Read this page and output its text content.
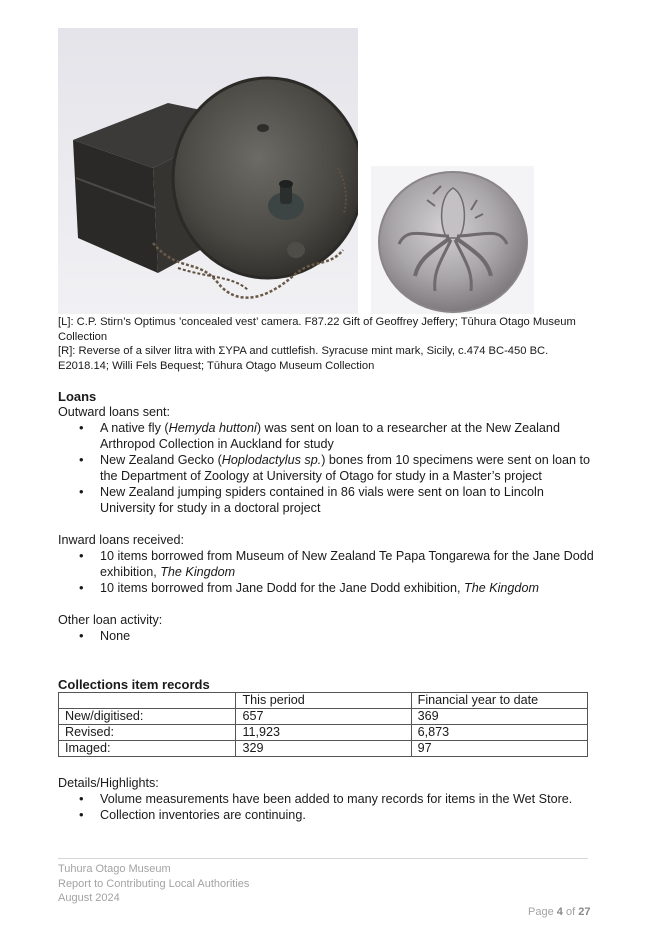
[L]: C.P. Stirn’s Optimus ’concealed vest’ camera. F87.22 Gift of Geoffrey Jeffery; Tūhura Otago Museum Collection

[R]: Reverse of a silver litra with ΣYPA and cuttlefish. Syracuse mint mark, Sicily, c.474 BC-450 BC. E2018.14; Willi Fels Bequest; Tūhura Otago Museum Collection

Loans

Outward loans sent:

• A native fly (Hemyda huttoni) was sent on loan to a researcher at the New Zealand Arthropod Collection in Auckland for study
• New Zealand Gecko (Hoplodactylus sp.) bones from 10 specimens were sent on loan to the Department of Zoology at University of Otago for study in a Master’s project
• New Zealand jumping spiders contained in 86 vials were sent on loan to Lincoln University for study in a doctoral project

Inward loans received:

• 10 items borrowed from Museum of New Zealand Te Papa Tongarewa for the Jane Dodd exhibition, The Kingdom
• 10 items borrowed from Jane Dodd for the Jane Dodd exhibition, The Kingdom

Other loan activity:

• None
Collections item records
	This period	Financial year to date
New/digitised:	657	369
Revised:	11,923	6,873
Imaged:	329	97

Details/Highlights:

• Volume measurements have been added to many records for items in the Wet Store.
• Collection inventories are continuing.
Tuhura Otago Museum
Report to Contributing Local Authorities
August 2024
Page 4 of 27
